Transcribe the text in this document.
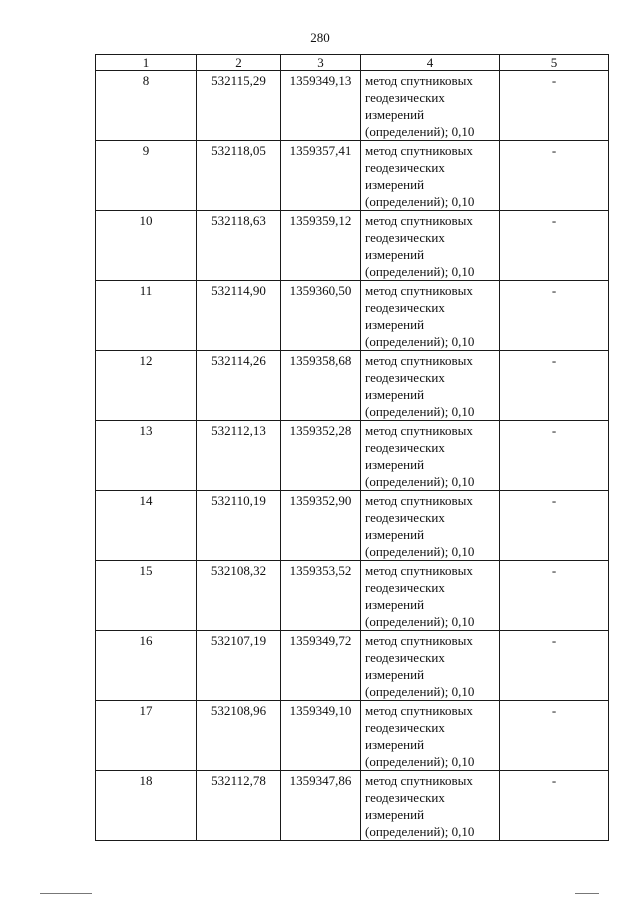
280
1	2	3	4	5

8	532115,29	1359349,13	метод спутниковых геодезических измерений (определений); 0,10	-

9	532118,05	1359357,41	метод спутниковых геодезических измерений (определений); 0,10	-

10	532118,63	1359359,12	метод спутниковых геодезических измерений (определений); 0,10	-

11	532114,90	1359360,50	метод спутниковых геодезических измерений (определений); 0,10	-

12	532114,26	1359358,68	метод спутниковых геодезических измерений (определений); 0,10	-

13	532112,13	1359352,28	метод спутниковых геодезических измерений (определений); 0,10	-

14	532110,19	1359352,90	метод спутниковых геодезических измерений (определений); 0,10	-

15	532108,32	1359353,52	метод спутниковых геодезических измерений (определений); 0,10	-

16	532107,19	1359349,72	метод спутниковых геодезических измерений (определений); 0,10	-

17	532108,96	1359349,10	метод спутниковых геодезических измерений (определений); 0,10	-

18	532112,78	1359347,86	метод спутниковых геодезических измерений (определений); 0,10	-
